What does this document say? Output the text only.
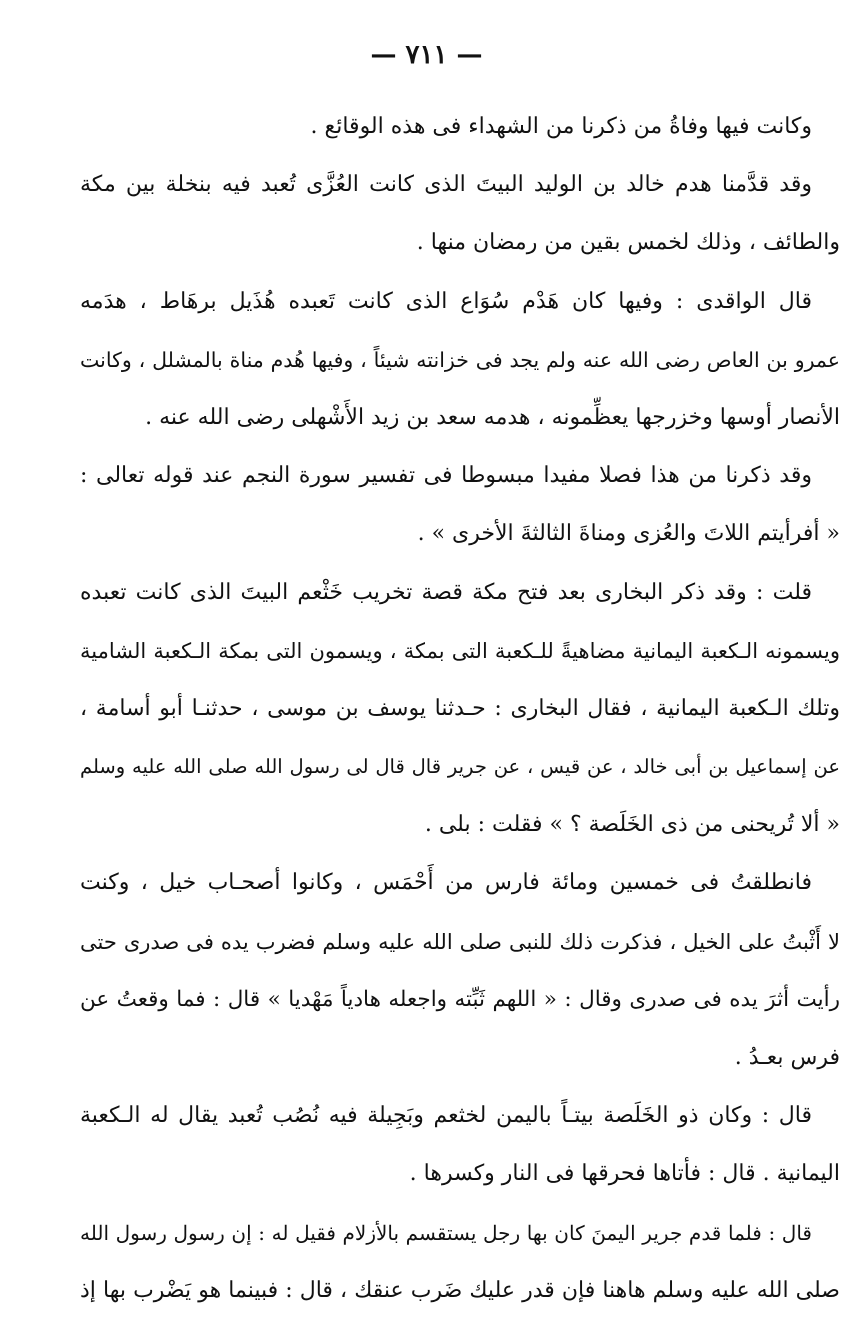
— ٧١١ —
وكانت فيها وفاةُ من ذكرنا من الشهداء فى هذه الوقائع .
وقد قدَّمنا هدم خالد بن الوليد البيتَ الذى كانت العُزَّى تُعبد فيه بنخلة بين مكة
والطائف ، وذلك لخمس بقين من رمضان منها .
قال الواقدى : وفيها كان هَدْم سُوَاع الذى كانت تَعبده هُذَيل برهَاط ، هدَمه
عمرو بن العاص رضى الله عنه ولم يجد فى خزانته شيئاً ، وفيها هُدم مناة بالمشلل ، وكانت
الأنصار أوسها وخزرجها يعظِّمونه ، هدمه سعد بن زيد الأَشْهلى رضى الله عنه .
وقد ذكرنا من هذا فصلا مفيدا مبسوطا فى تفسير سورة النجم عند قوله تعالى :
« أفرأيتم اللاتَ والعُزى ومناةَ الثالثةَ الأخرى » .
قلت : وقد ذكر البخارى بعد فتح مكة قصة تخريب خَثْعم البيتَ الذى كانت تعبده
ويسمونه الـكعبة اليمانية مضاهيةً للـكعبة التى بمكة ، ويسمون التى بمكة الـكعبة الشامية
وتلك الـكعبة اليمانية ، فقال البخارى : حـدثنا يوسف بن موسى ، حدثنـا أبو أسامة ،
عن إسماعيل بن أبى خالد ، عن قيس ، عن جرير قال قال لى رسول الله صلى الله عليه وسلم
« ألا تُريحنى من ذى الخَلَصة ؟ » فقلت : بلى .
فانطلقتُ فى خمسين ومائة فارس من أَحْمَس ، وكانوا أصحـاب خيل ، وكنت
لا أَثْبتُ على الخيل ، فذكرت ذلك للنبى صلى الله عليه وسلم فضرب يده فى صدرى حتى
رأيت أثرَ يده فى صدرى وقال : « اللهم ثَبِّته واجعله هادياً مَهْديا » قال : فما وقعتُ عن
فرس بعـدُ .
قال : وكان ذو الخَلَصة بيتـاً باليمن لخثعم وبَجِيلة فيه نُصُب تُعبد يقال له الـكعبة
اليمانية . قال : فأتاها فحرقها فى النار وكسرها .
قال : فلما قدم جرير اليمنَ كان بها رجل يستقسم بالأزلام فقيل له : إن رسول رسول الله
صلى الله عليه وسلم هاهنا فإن قدر عليك ضَرب عنقك ، قال : فبينما هو يَضْرب بها إذ
